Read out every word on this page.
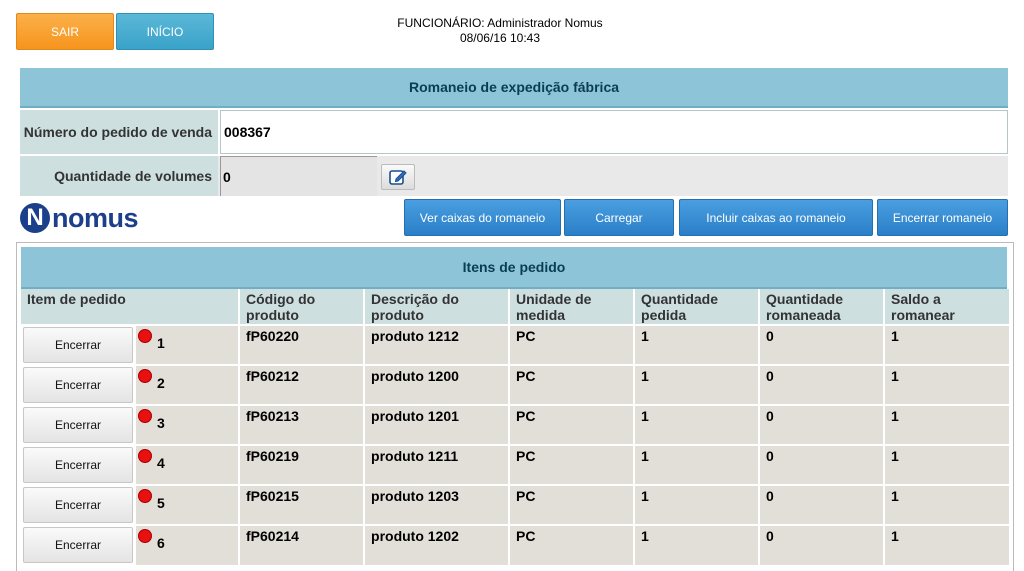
SAIR	INÍCIO
FUNCIONÁRIO: Administrador Nomus
08/06/16 10:43
Romaneio de expedição fábrica
Número do pedido de venda 008367
Quantidade de volumes 0
N nomus	Ver caixas do romaneio	Carregar	Incluir caixas ao romaneio	Encerrar romaneio
Itens de pedido
Item de pedido		Código do produto	Descrição do produto	Unidade de medida	Quantidade pedida	Quantidade romaneada	Saldo a romanear

Encerrar	1	fP60220	produto 1212	PC	1	0	1

Encerrar	2	fP60212	produto 1200	PC	1	0	1

Encerrar	3	fP60213	produto 1201	PC	1	0	1

Encerrar	4	fP60219	produto 1211	PC	1	0	1

Encerrar	5	fP60215	produto 1203	PC	1	0	1

Encerrar	6	fP60214	produto 1202	PC	1	0	1
